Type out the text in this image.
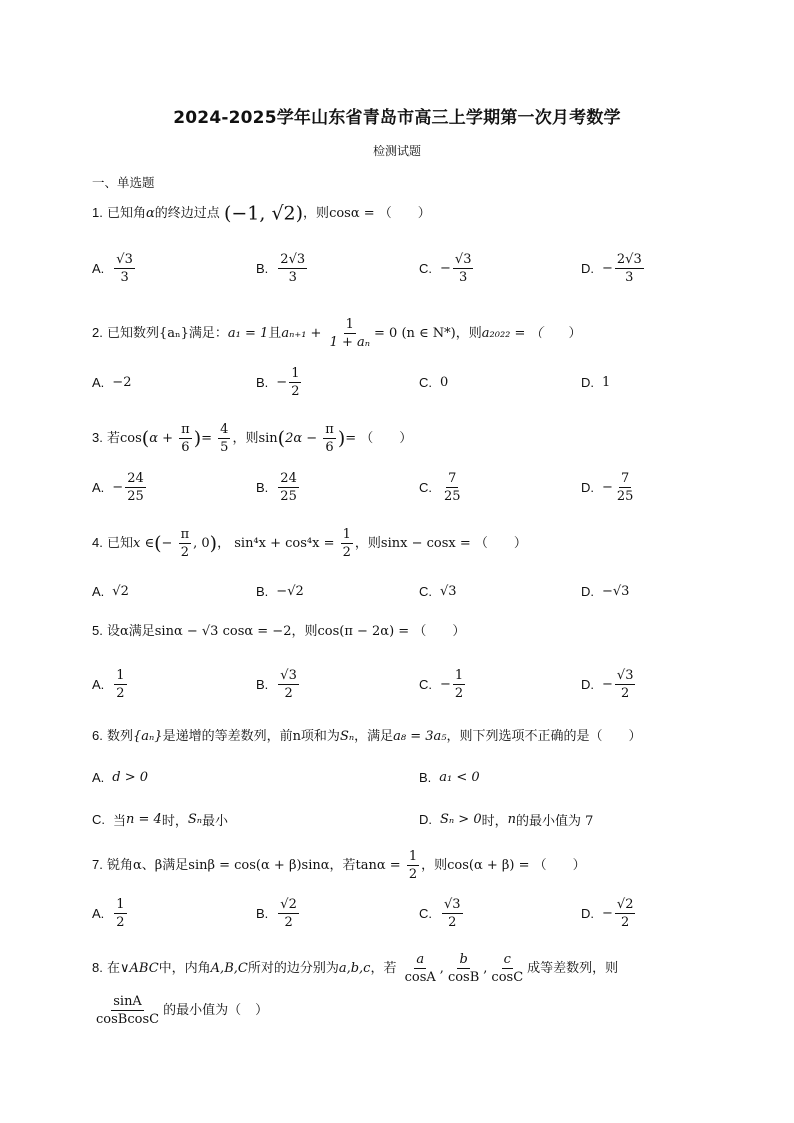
2024-2025学年山东省青岛市高三上学期第一次月考数学
检测试题
一、单选题
1. 已知角α的终边过点 (−1, √2)，则cosα = （ ）
A. $\frac{√3}{3}$	B. $\frac{2√3}{3}$	C. − $\frac{√3}{3}$	D. − $\frac{2√3}{3}$
2. 已知数列{aₙ}满足：a₁ = 1且$a_{n+1} + \frac{1}{\text{1 + aₙ}} = 0$ (n ∈ N*)，则a₂₀₂₂ = （ ）
A. −2	B. − $\frac{1}{2}$	C. 0	D. 1
3. 若$\cos(\alpha + \frac{\pi}{6}$ )= $\frac{4}{5}$ ，则$\sin(2\alpha - \frac{\pi}{6}$ )= （ ）
A. − $\frac{24}{25}$	B. $\frac{24}{25}$	C. $\frac{7}{25}$	D. − $\frac{7}{25}$
4. 已知x ∈(− $\frac{\pi}{2}$ , 0)， $\sin^4x + \cos^4x = \frac{1}{2}$ ，则sinx − cosx = （ ）
A. √2	B. −√2	C. √3	D. −√3
5. 设α满足sinα − √3 cosα = −2，则cos(π − 2α) = （ ）
A. $\frac{1}{2}$	B. $\frac{√3}{2}$	C. − $\frac{1}{2}$	D. − $\frac{√3}{2}$
6. 数列{aₙ}是递增的等差数列，前n项和为Sₙ，满足a₈ = 3a₅，则下列选项不正确的是（ ）
A. d > 0	B. a₁ < 0
C. 当 n = 4 时， Sₙ 最小	D. Sₙ > 0 时， n 的最小值为 7
7. 锐角α、β满足sinβ = cos(α + β)sinα，若$\tan\alpha = \frac{1}{2}$ ，则cos(α + β) = （ ）
A. $\frac{1}{2}$	B. $\frac{√2}{2}$	C. $\frac{√3}{2}$	D. − $\frac{√2}{2}$
8. 在∨ABC中，内角A,B,C所对的边分别为a,b,c，若 $\frac{a}{\cos A}$ , $\frac{b}{\cos B}$ , $\frac{c}{\cos C}$ 成等差数列，则
$\frac{\sin A}{\text{cosBcosC}}$ 的最小值为（ ）
